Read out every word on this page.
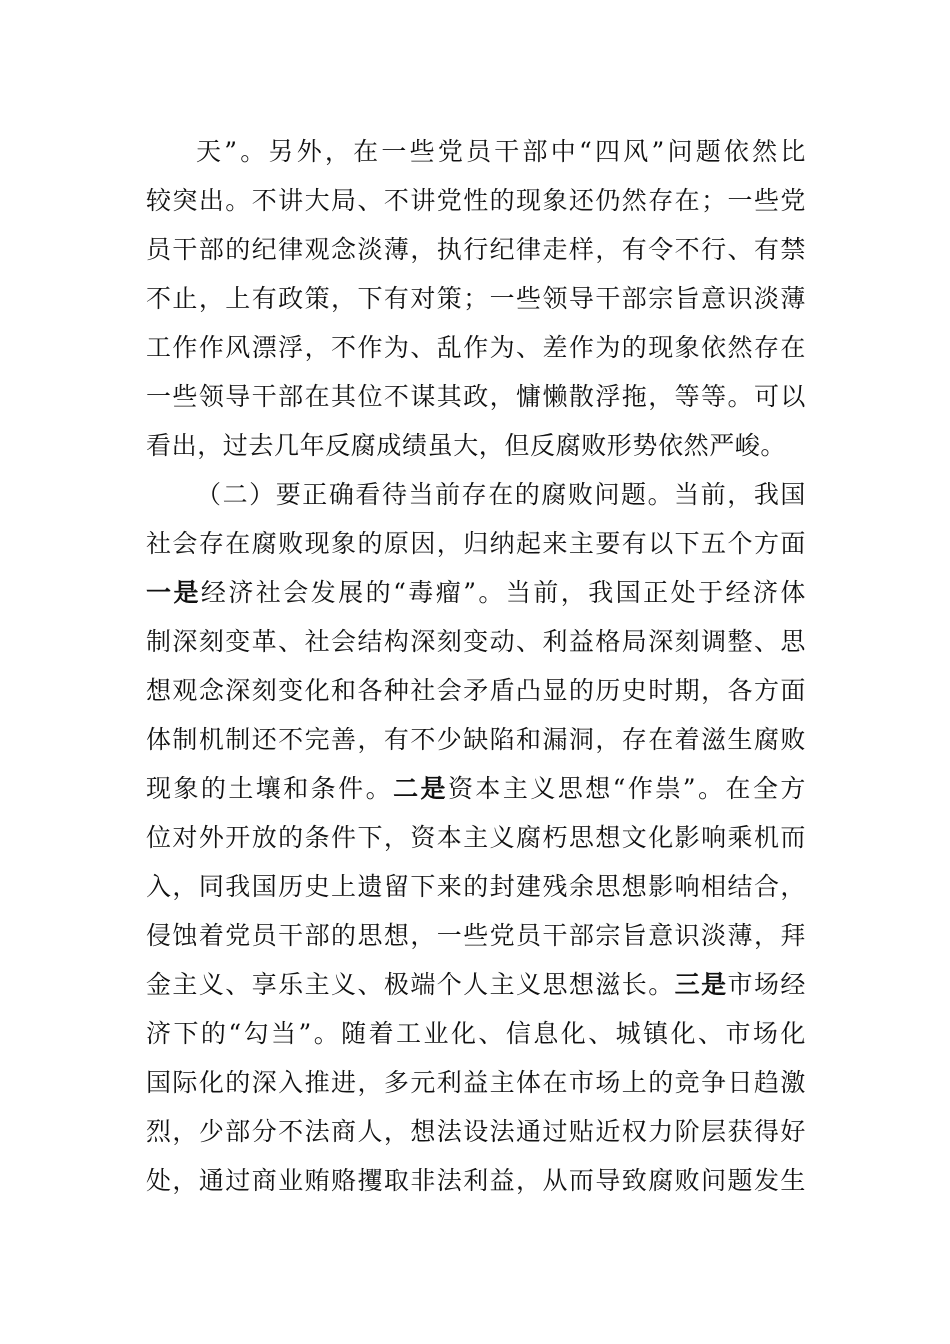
天”。另外，在一些党员干部中“四风”问题依然比
较突出。不讲大局、不讲党性的现象还仍然存在；一些党
员干部的纪律观念淡薄，执行纪律走样，有令不行、有禁
不止，上有政策，下有对策；一些领导干部宗旨意识淡薄
工作作风漂浮，不作为、乱作为、差作为的现象依然存在
一些领导干部在其位不谋其政，慵懒散浮拖，等等。可以
看出，过去几年反腐成绩虽大，但反腐败形势依然严峻。
（二）要正确看待当前存在的腐败问题。当前，我国
社会存在腐败现象的原因，归纳起来主要有以下五个方面
一是经济社会发展的“毒瘤”。当前，我国正处于经济体
制深刻变革、社会结构深刻变动、利益格局深刻调整、思
想观念深刻变化和各种社会矛盾凸显的历史时期，各方面
体制机制还不完善，有不少缺陷和漏洞，存在着滋生腐败
现象的土壤和条件。二是资本主义思想“作祟”。在全方
位对外开放的条件下，资本主义腐朽思想文化影响乘机而
入，同我国历史上遗留下来的封建残余思想影响相结合，
侵蚀着党员干部的思想，一些党员干部宗旨意识淡薄，拜
金主义、享乐主义、极端个人主义思想滋长。三是市场经
济下的“勾当”。随着工业化、信息化、城镇化、市场化
国际化的深入推进，多元利益主体在市场上的竞争日趋激
烈，少部分不法商人，想法设法通过贴近权力阶层获得好
处，通过商业贿赂攫取非法利益，从而导致腐败问题发生
